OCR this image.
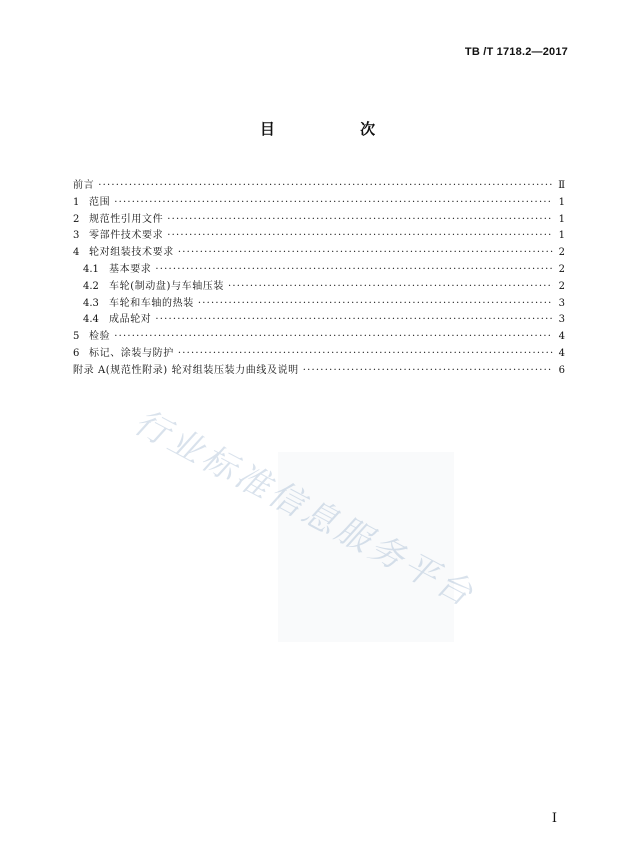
TB /T 1718.2—2017
目 次
前言 ·····	Ⅱ
1 范围 ·····	1
2 规范性引用文件 ·····	1
3 零部件技术要求 ·····	1
4 轮对组装技术要求 ·····	2
4.1	基本要求 ·····	2
4.2	车轮(制动盘)与车轴压装 ·····	2
4.3	车轮和车轴的热装 ·····	3
4.4	成品轮对 ·····	3
5 检验 ·····	4
6 标记、涂装与防护 ·····	4
附录 A(规范性附录) 轮对组装压装力曲线及说明 ·····	6
行业标准信息服务平台
I
